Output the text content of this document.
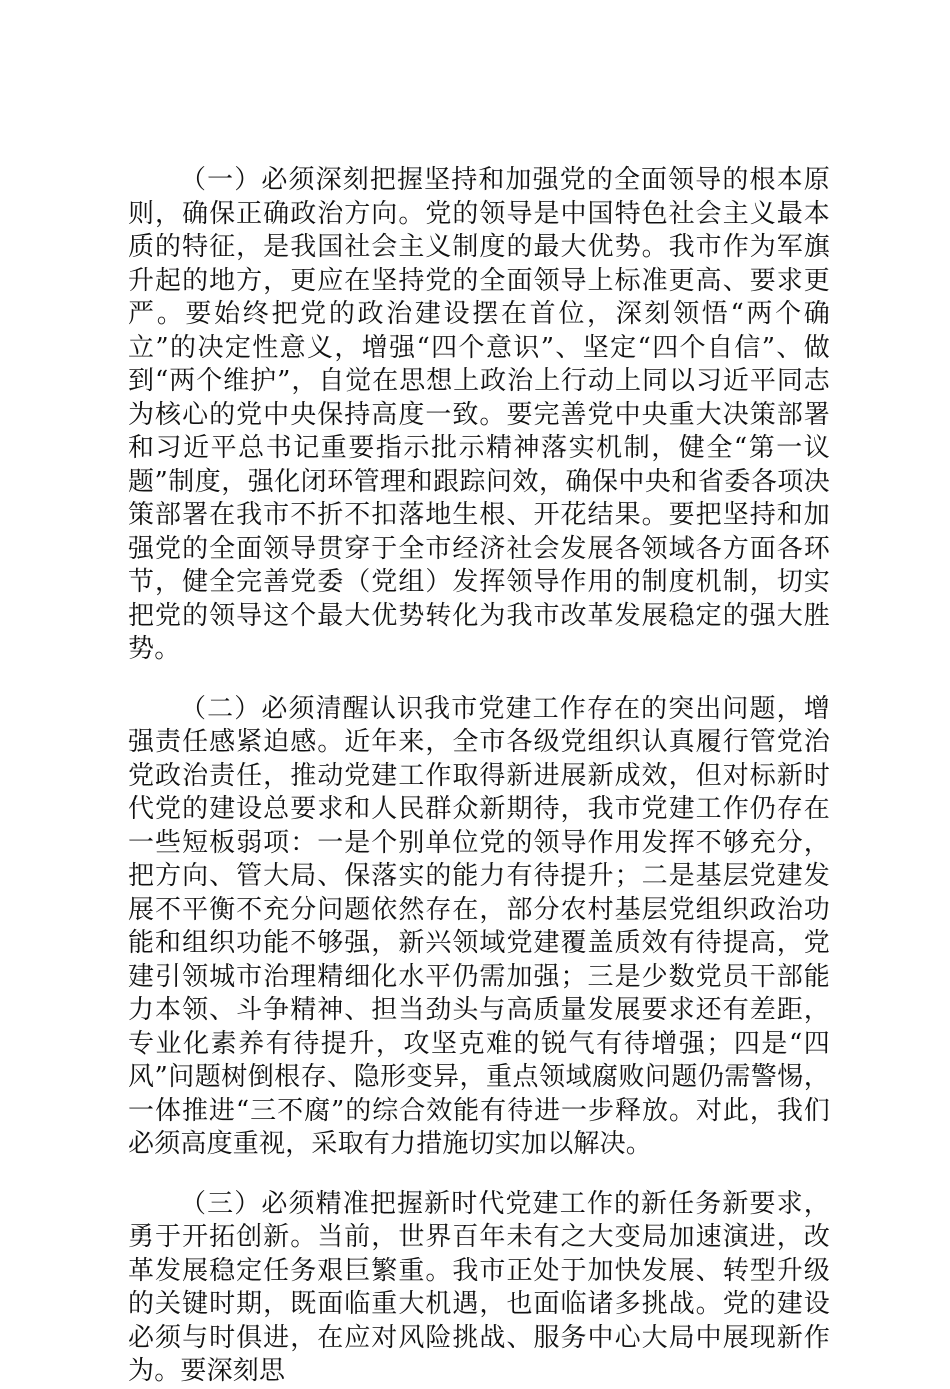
（一）必须深刻把握坚持和加强党的全面领导的根本原则，确保正确政治方向。党的领导是中国特色社会主义最本质的特征，是我国社会主义制度的最大优势。我市作为军旗升起的地方，更应在坚持党的全面领导上标准更高、要求更严。要始终把党的政治建设摆在首位，深刻领悟“两个确立”的决定性意义，增强“四个意识”、坚定“四个自信”、做到“两个维护”，自觉在思想上政治上行动上同以习近平同志为核心的党中央保持高度一致。要完善党中央重大决策部署和习近平总书记重要指示批示精神落实机制，健全“第一议题”制度，强化闭环管理和跟踪问效，确保中央和省委各项决策部署在我市不折不扣落地生根、开花结果。要把坚持和加强党的全面领导贯穿于全市经济社会发展各领域各方面各环节，健全完善党委（党组）发挥领导作用的制度机制，切实把党的领导这个最大优势转化为我市改革发展稳定的强大胜势。

（二）必须清醒认识我市党建工作存在的突出问题，增强责任感紧迫感。近年来，全市各级党组织认真履行管党治党政治责任，推动党建工作取得新进展新成效，但对标新时代党的建设总要求和人民群众新期待，我市党建工作仍存在一些短板弱项：一是个别单位党的领导作用发挥不够充分，把方向、管大局、保落实的能力有待提升；二是基层党建发展不平衡不充分问题依然存在，部分农村基层党组织政治功能和组织功能不够强，新兴领域党建覆盖质效有待提高，党建引领城市治理精细化水平仍需加强；三是少数党员干部能力本领、斗争精神、担当劲头与高质量发展要求还有差距，专业化素养有待提升，攻坚克难的锐气有待增强；四是“四风”问题树倒根存、隐形变异，重点领域腐败问题仍需警惕，一体推进“三不腐”的综合效能有待进一步释放。对此，我们必须高度重视，采取有力措施切实加以解决。

（三）必须精准把握新时代党建工作的新任务新要求，勇于开拓创新。当前，世界百年未有之大变局加速演进，改革发展稳定任务艰巨繁重。我市正处于加快发展、转型升级的关键时期，既面临重大机遇，也面临诸多挑战。党的建设必须与时俱进，在应对风险挑战、服务中心大局中展现新作为。要深刻思
